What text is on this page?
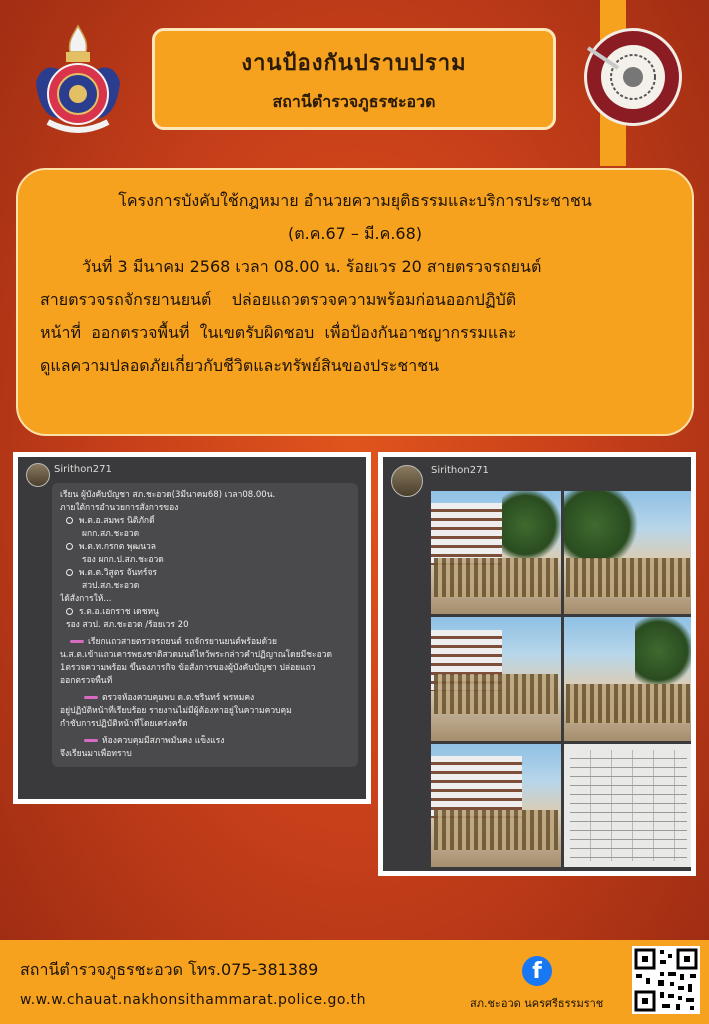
งานป้องกันปราบปราม
สถานีตำรวจภูธรชะอวด
โครงการบังคับใช้กฎหมาย อำนวยความยุติธรรมและบริการประชาชน
(ต.ค.67 – มี.ค.68)
วันที่ 3 มีนาคม 2568 เวลา 08.00 น. ร้อยเวร 20 สายตรวจรถยนต์
สายตรวจรถจักรยานยนต์    ปล่อยแถวตรวจความพร้อมก่อนออกปฏิบัติ
หน้าที่  ออกตรวจพื้นที่  ในเขตรับผิดชอบ  เพื่อป้องกันอาชญากรรมและ
ดูแลความปลอดภัยเกี่ยวกับชีวิตและทรัพย์สินของประชาชน
Sirithon271
เรียน ผู้บังคับบัญชา สภ.ชะอวด(3มีนาคม68) เวลา08.00น.
ภายใต้การอำนวยการสั่งการของ
พ.ต.อ.สมพร นิติภักดิ์
ผกก.สภ.ชะอวด
พ.ต.ท.กรกต พุฒนวล
รอง ผกก.ป.สภ.ชะอวด
พ.ต.ต.วิสูตร จันทร์จร
สวป.สภ.ชะอวด
ได้สั่งการให้...
ร.ต.อ.เอกราช เดชหนู
รอง สวป. สภ.ชะอวด /ร้อยเวร 20
เรียกแถวสายตรวจรถยนต์ รถจักรยานยนต์พร้อมด้วย
น.ส.ต.เข้าแถวเคารพธงชาติสวดมนต์ไหว้พระกล่าวคำปฏิญาณโดยมีชะอวด
1ตรวจความพร้อม ขึ้นจงภารกิจ ข้อสั่งการของผู้บังคับบัญชา ปล่อยแถว
ออกตรวจพื้นที่
ตรวจห้องควบคุมพบ ด.ต.ชรินทร์ พรหมคง
อยู่ปฏิบัติหน้าที่เรียบร้อย รายงานไม่มีผู้ต้องหาอยู่ในความควบคุม
กำชับการปฏิบัติหน้าที่โดยเคร่งครัด
ห้องควบคุมมีสภาพมั่นคง แข็งแรง
จึงเรียนมาเพื่อทราบ
Sirithon271
สถานีตำรวจภูธรชะอวด โทร.075-381389
w.w.w.chauat.nakhonsithammarat.police.go.th
f
สภ.ชะอวด นครศรีธรรมราช
